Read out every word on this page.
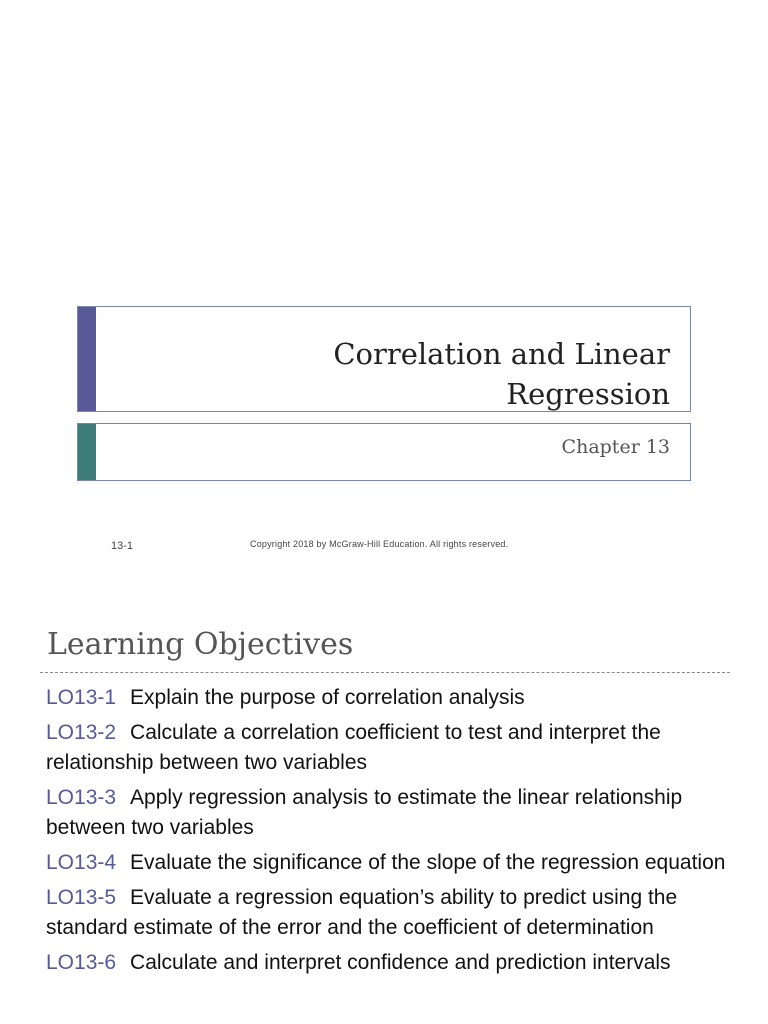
Correlation and Linear
Regression
Chapter 13
13-1	Copyright 2018 by McGraw-Hill Education. All rights reserved.
Learning Objectives
LO13-1 Explain the purpose of correlation analysis
LO13-2 Calculate a correlation coefficient to test and interpret the relationship between two variables
LO13-3 Apply regression analysis to estimate the linear relationship between two variables
LO13-4 Evaluate the significance of the slope of the regression equation
LO13-5 Evaluate a regression equation’s ability to predict using the standard estimate of the error and the coefficient of determination
LO13-6 Calculate and interpret confidence and prediction intervals
